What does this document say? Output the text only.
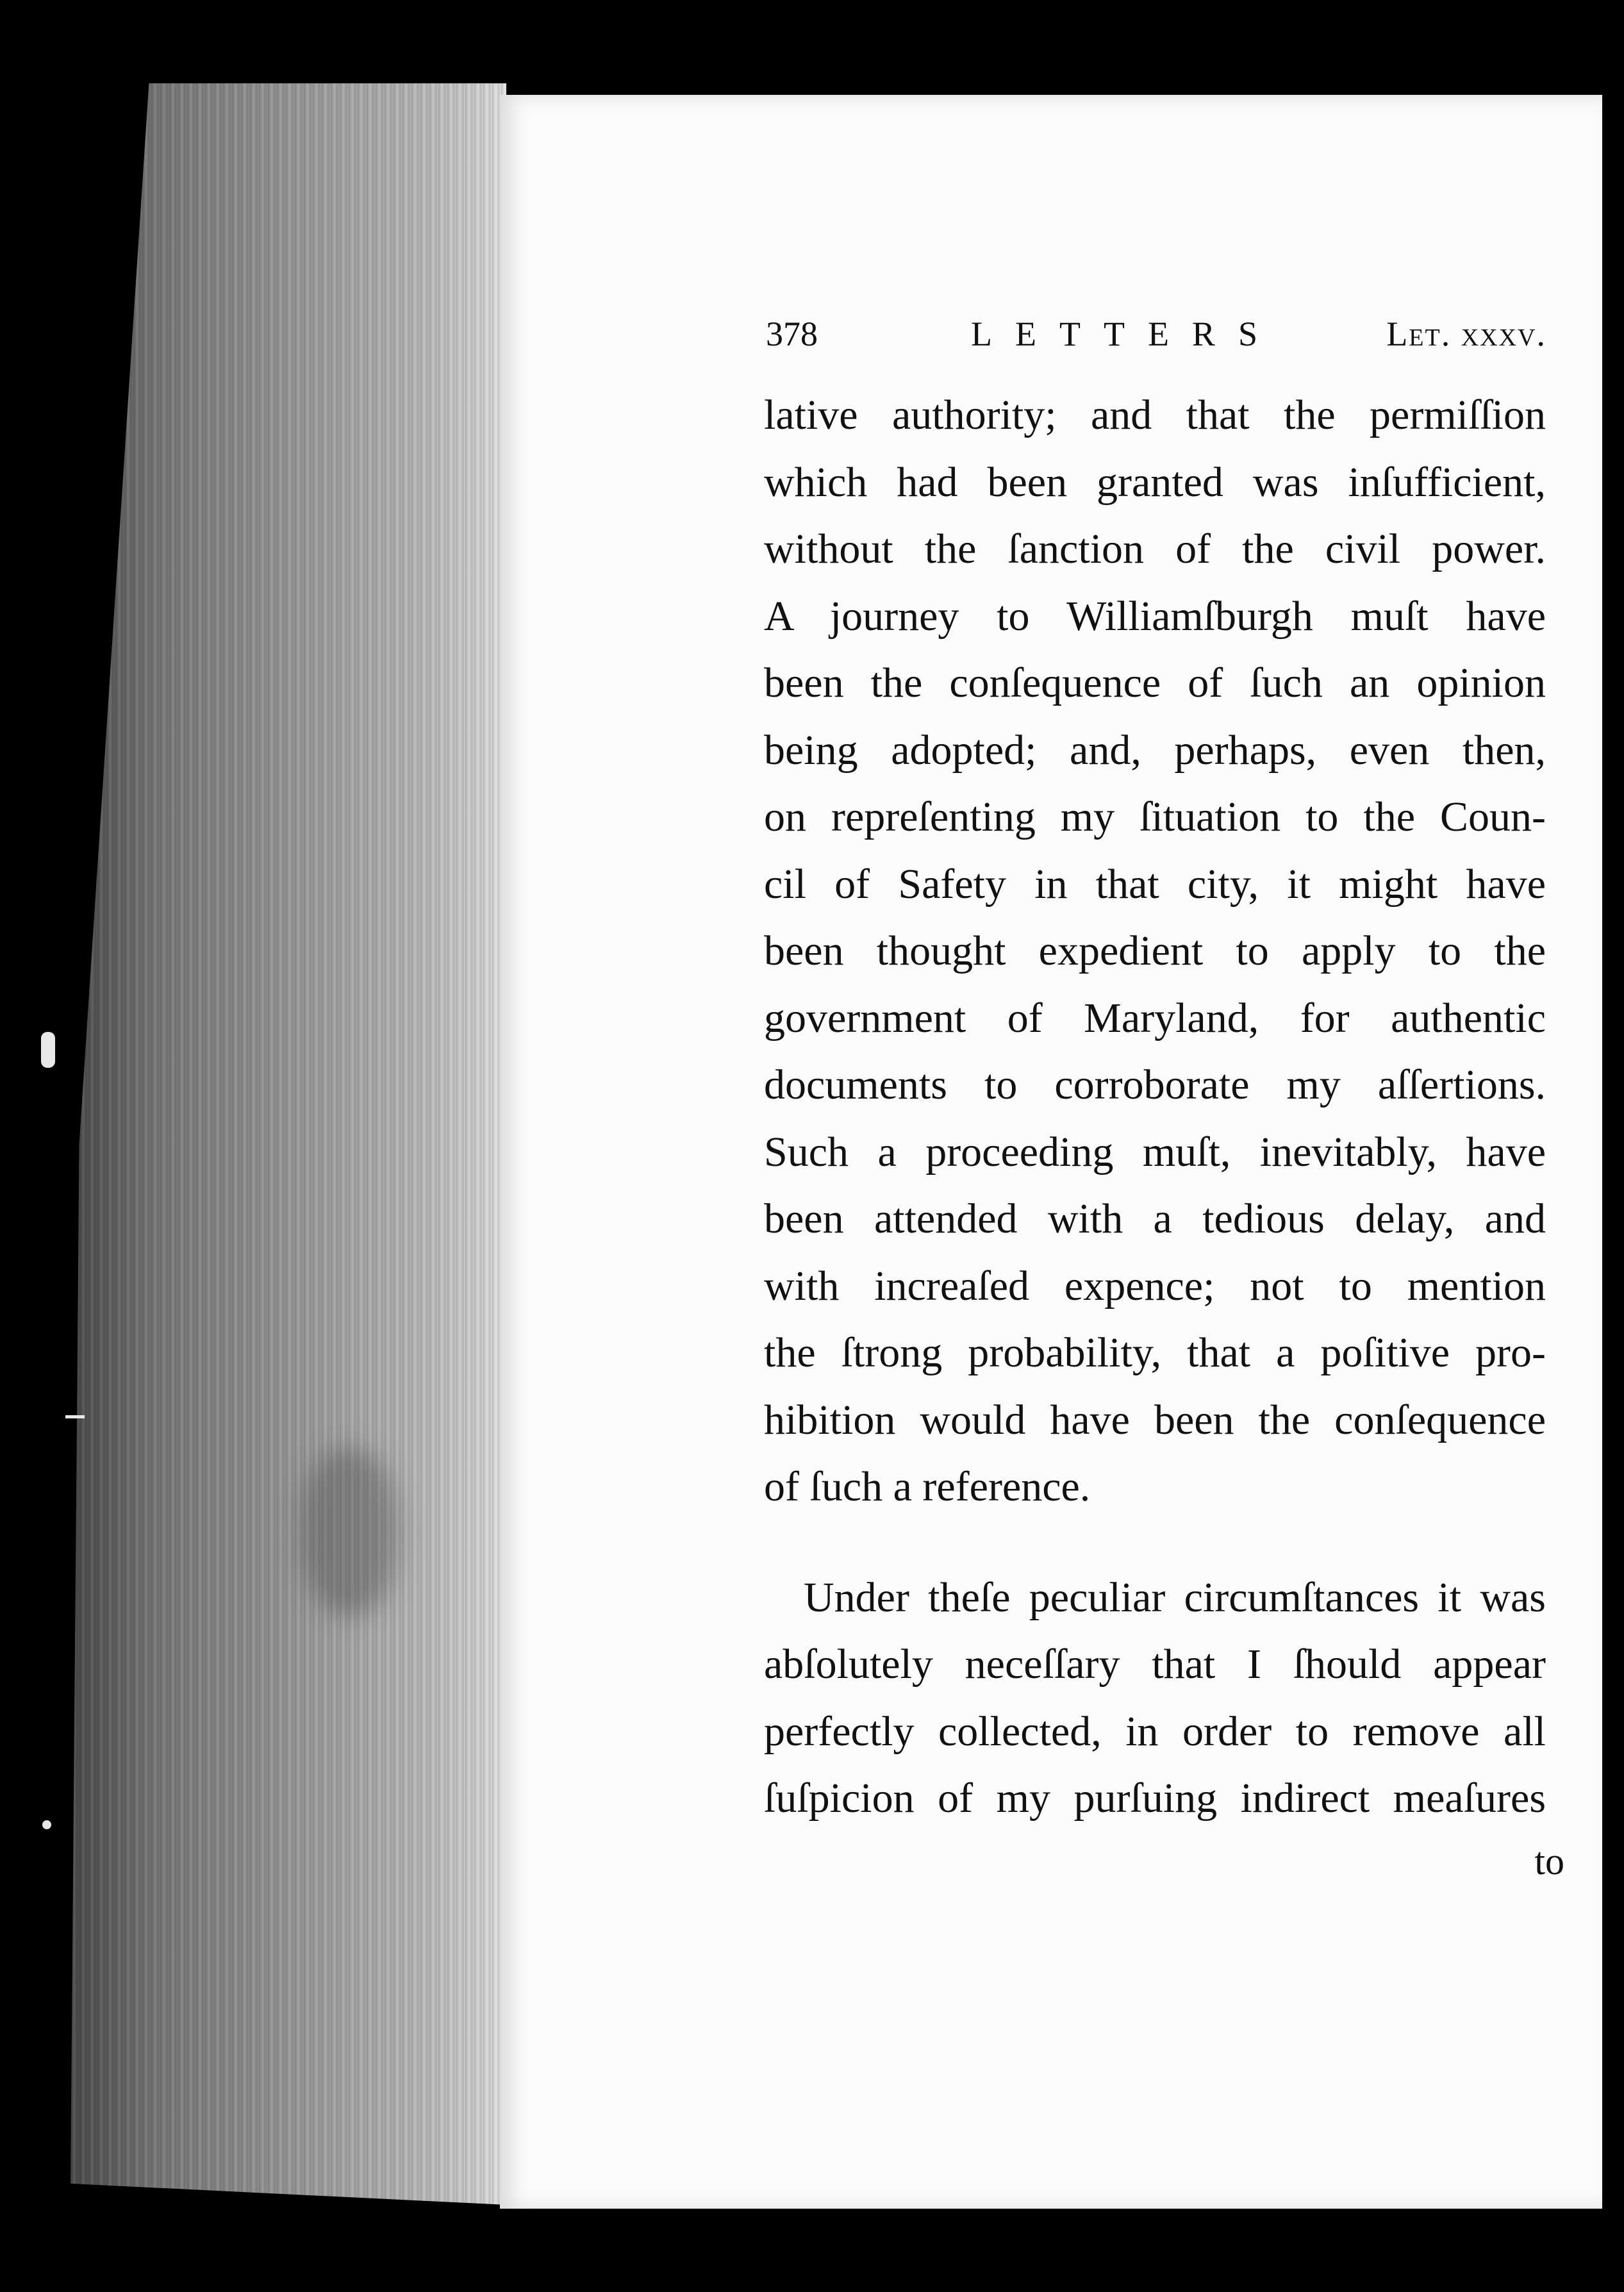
378	LETTERS	Let. xxxv.
lative authority; and that the permiſſion
which had been granted was inſufficient,
without the ſanction of the civil power.
A journey to Williamſburgh muſt have
been the conſequence of ſuch an opinion
being adopted; and, perhaps, even then,
on repreſenting my ſituation to the Coun-
cil of Safety in that city, it might have
been thought expedient to apply to the
government of Maryland, for authentic
documents to corroborate my aſſertions.
Such a proceeding muſt, inevitably, have
been attended with a tedious delay, and
with increaſed expence; not to mention
the ſtrong probability, that a poſitive pro-
hibition would have been the conſequence
of ſuch a reference.
Under theſe peculiar circumſtances it was
abſolutely neceſſary that I ſhould appear
perfectly collected, in order to remove all
ſuſpicion of my purſuing indirect meaſures
to
